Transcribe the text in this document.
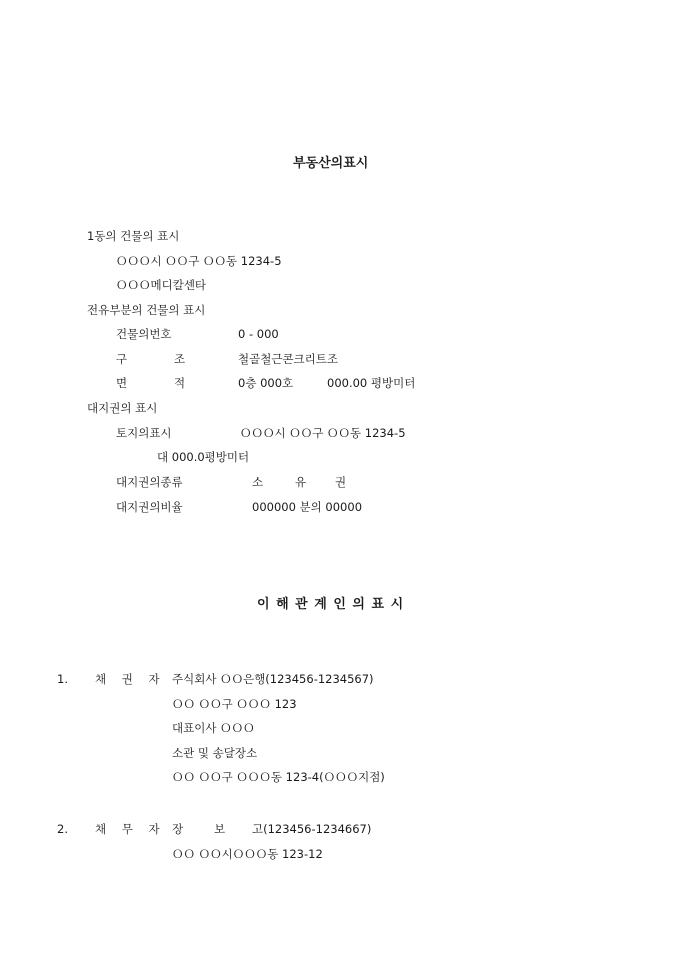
부동산의표시
1동의 건물의 표시
ＯＯＯ시 ＯＯ구 ＯＯ동 1234-5
ＯＯＯ메디칼센타
전유부분의 건물의 표시
건물의번호	0 - 000
구	조	철골철근콘크리트조
면	적	0층 000호	000.00 평방미터
대지권의 표시
토지의표시	ＯＯＯ시 ＯＯ구 ＯＯ동 1234-5
대 000.0평방미터
대지권의종류	소	유	권
대지권의비율	000000 분의 00000
이 해 관 계 인 의 표 시
1. 채 권 자 주식회사 ＯＯ은행(123456-1234567)
ＯＯ ＯＯ구 ＯＯＯ 123
대표이사 ＯＯＯ
소관 및 송달장소
ＯＯ ＯＯ구 ＯＯＯ동 123-4(ＯＯＯ지점)
2. 채 무 자 장	보 고(123456-1234667)
ＯＯ ＯＯ시ＯＯＯ동 123-12
